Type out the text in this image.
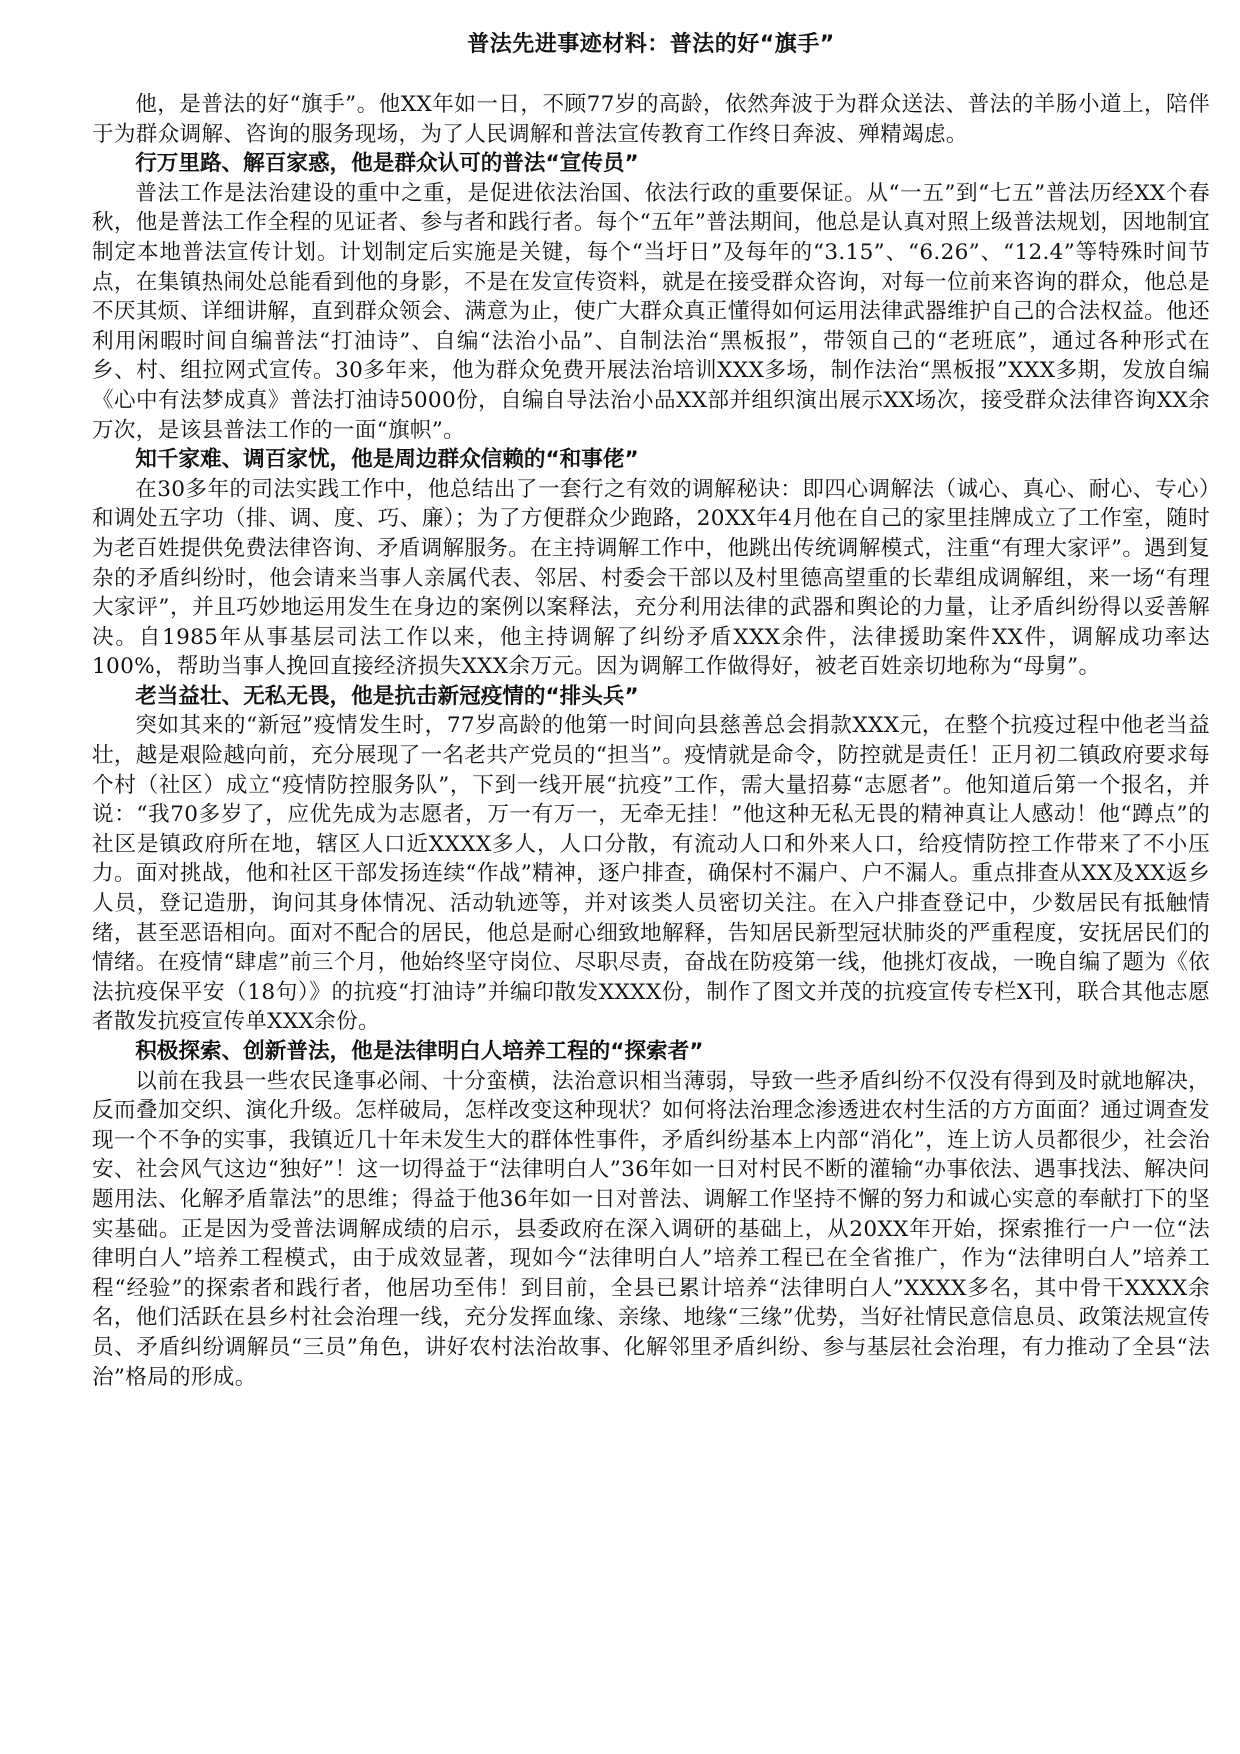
普法先进事迹材料：普法的好“旗手”

他，是普法的好“旗手”。他XX年如一日，不顾77岁的高龄，依然奔波于为群众送法、普法的羊肠小道上，陪伴于为群众调解、咨询的服务现场，为了人民调解和普法宣传教育工作终日奔波、殚精竭虑。

行万里路、解百家惑，他是群众认可的普法“宣传员”

普法工作是法治建设的重中之重，是促进依法治国、依法行政的重要保证。从“一五”到“七五”普法历经XX个春秋，他是普法工作全程的见证者、参与者和践行者。每个“五年”普法期间，他总是认真对照上级普法规划，因地制宜制定本地普法宣传计划。计划制定后实施是关键，每个“当圩日”及每年的“3.15”、“6.26”、“12.4”等特殊时间节点，在集镇热闹处总能看到他的身影，不是在发宣传资料，就是在接受群众咨询，对每一位前来咨询的群众，他总是不厌其烦、详细讲解，直到群众领会、满意为止，使广大群众真正懂得如何运用法律武器维护自己的合法权益。他还利用闲暇时间自编普法“打油诗”、自编“法治小品”、自制法治“黑板报”，带领自己的“老班底”，通过各种形式在乡、村、组拉网式宣传。30多年来，他为群众免费开展法治培训XXX多场，制作法治“黑板报”XXX多期，发放自编《心中有法梦成真》普法打油诗5000份，自编自导法治小品XX部并组织演出展示XX场次，接受群众法律咨询XX余万次，是该县普法工作的一面“旗帜”。

知千家难、调百家忧，他是周边群众信赖的“和事佬”

在30多年的司法实践工作中，他总结出了一套行之有效的调解秘诀：即四心调解法（诚心、真心、耐心、专心）和调处五字功（排、调、度、巧、廉）；为了方便群众少跑路，20XX年4月他在自己的家里挂牌成立了工作室，随时为老百姓提供免费法律咨询、矛盾调解服务。在主持调解工作中，他跳出传统调解模式，注重“有理大家评”。遇到复杂的矛盾纠纷时，他会请来当事人亲属代表、邻居、村委会干部以及村里德高望重的长辈组成调解组，来一场“有理大家评”，并且巧妙地运用发生在身边的案例以案释法，充分利用法律的武器和舆论的力量，让矛盾纠纷得以妥善解决。自1985年从事基层司法工作以来，他主持调解了纠纷矛盾XXX余件，法律援助案件XX件，调解成功率达100%，帮助当事人挽回直接经济损失XXX余万元。因为调解工作做得好，被老百姓亲切地称为“母舅”。

老当益壮、无私无畏，他是抗击新冠疫情的“排头兵”

突如其来的“新冠”疫情发生时，77岁高龄的他第一时间向县慈善总会捐款XXX元，在整个抗疫过程中他老当益壮，越是艰险越向前，充分展现了一名老共产党员的“担当”。疫情就是命令，防控就是责任！正月初二镇政府要求每个村（社区）成立“疫情防控服务队”，下到一线开展“抗疫”工作，需大量招募“志愿者”。他知道后第一个报名，并说：“我70多岁了，应优先成为志愿者，万一有万一，无牵无挂！”他这种无私无畏的精神真让人感动！他“蹲点”的社区是镇政府所在地，辖区人口近XXXX多人，人口分散，有流动人口和外来人口，给疫情防控工作带来了不小压力。面对挑战，他和社区干部发扬连续“作战”精神，逐户排查，确保村不漏户、户不漏人。重点排查从XX及XX返乡人员，登记造册，询问其身体情况、活动轨迹等，并对该类人员密切关注。在入户排查登记中，少数居民有抵触情绪，甚至恶语相向。面对不配合的居民，他总是耐心细致地解释，告知居民新型冠状肺炎的严重程度，安抚居民们的情绪。在疫情“肆虐”前三个月，他始终坚守岗位、尽职尽责，奋战在防疫第一线，他挑灯夜战，一晚自编了题为《依法抗疫保平安（18句）》的抗疫“打油诗”并编印散发XXXX份，制作了图文并茂的抗疫宣传专栏X刊，联合其他志愿者散发抗疫宣传单XXX余份。

积极探索、创新普法，他是法律明白人培养工程的“探索者”

以前在我县一些农民逢事必闹、十分蛮横，法治意识相当薄弱，导致一些矛盾纠纷不仅没有得到及时就地解决，反而叠加交织、演化升级。怎样破局，怎样改变这种现状？如何将法治理念渗透进农村生活的方方面面？通过调查发现一个不争的实事，我镇近几十年未发生大的群体性事件，矛盾纠纷基本上内部“消化”，连上访人员都很少，社会治安、社会风气这边“独好”！这一切得益于“法律明白人”36年如一日对村民不断的灌输“办事依法、遇事找法、解决问题用法、化解矛盾靠法”的思维；得益于他36年如一日对普法、调解工作坚持不懈的努力和诚心实意的奉献打下的坚实基础。正是因为受普法调解成绩的启示，县委政府在深入调研的基础上，从20XX年开始，探索推行一户一位“法律明白人”培养工程模式，由于成效显著，现如今“法律明白人”培养工程已在全省推广，作为“法律明白人”培养工程“经验”的探索者和践行者，他居功至伟！到目前，全县已累计培养“法律明白人”XXXX多名，其中骨干XXXX余名，他们活跃在县乡村社会治理一线，充分发挥血缘、亲缘、地缘“三缘”优势，当好社情民意信息员、政策法规宣传员、矛盾纠纷调解员“三员”角色，讲好农村法治故事、化解邻里矛盾纠纷、参与基层社会治理，有力推动了全县“法治”格局的形成。
